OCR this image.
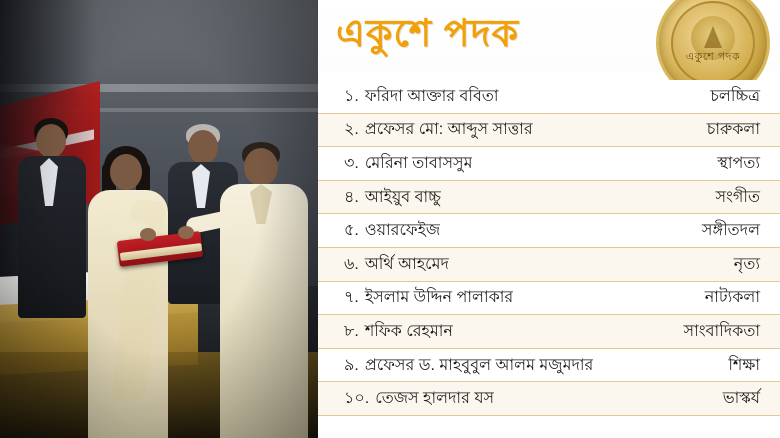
একুশে পদক
একুশে পদক
১. ফরিদা আক্তার ববিতা	চলচ্চিত্র
২. প্রফেসর মো: আব্দুস সাত্তার	চারুকলা
৩. মেরিনা তাবাসসুম	স্থাপত্য
৪. আইয়ুব বাচ্চু	সংগীত
৫. ওয়ারফেইজ	সঙ্গীতদল
৬. অর্থি আহমেদ	নৃত্য
৭. ইসলাম উদ্দিন পালাকার	নাট্যকলা
৮. শফিক রেহমান	সাংবাদিকতা
৯. প্রফেসর ড. মাহবুবুল আলম মজুমদার	শিক্ষা
১০. তেজস হালদার যস	ভাস্কর্য
